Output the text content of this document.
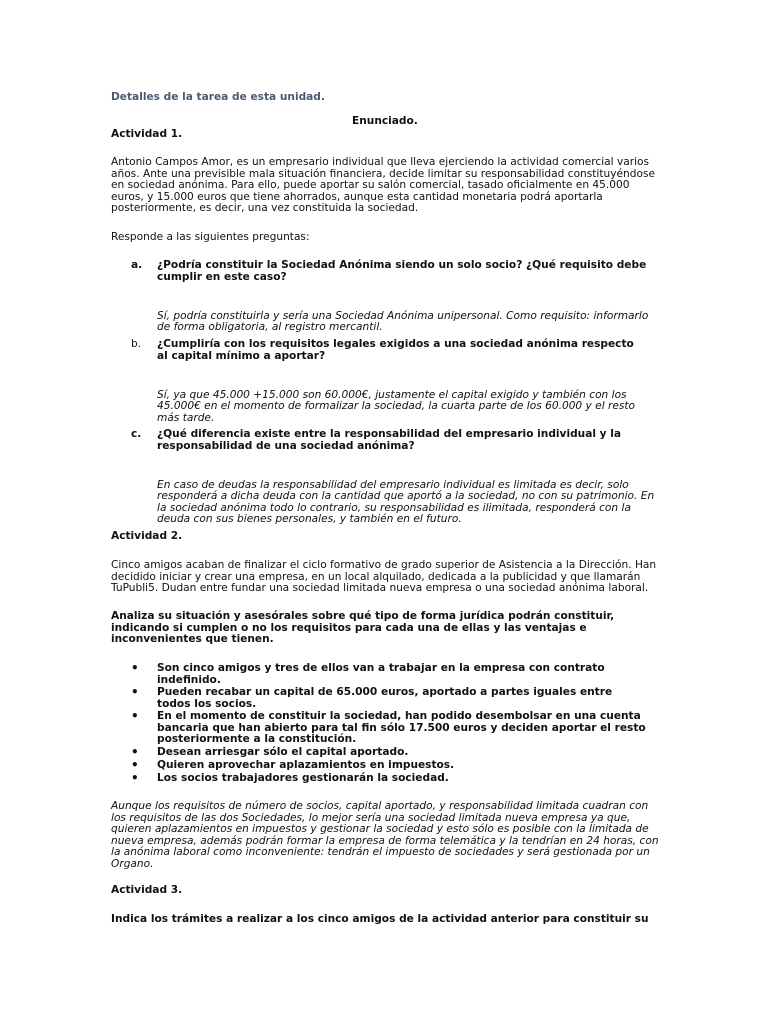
Detalles de la tarea de esta unidad.

Enunciado.

Actividad 1.

Antonio Campos Amor, es un empresario individual que lleva ejerciendo la actividad comercial varios años. Ante una previsible mala situación financiera, decide limitar su responsabilidad constituyéndose en sociedad anónima. Para ello, puede aportar su salón comercial, tasado oficialmente en 45.000 euros, y 15.000 euros que tiene ahorrados, aunque esta cantidad monetaria podrá aportarla posteriormente, es decir, una vez constituida la sociedad.

Responde a las siguientes preguntas:

a.	¿Podría constituir la Sociedad Anónima siendo un solo socio? ¿Qué requisito debe cumplir en este caso?

Sí, podría constituirla y sería una Sociedad Anónima unipersonal. Como requisito: informarlo de forma obligatoria, al registro mercantil.

b.	¿Cumpliría con los requisitos legales exigidos a una sociedad anónima respecto al capital mínimo a aportar?

Sí, ya que 45.000 +15.000 son 60.000€, justamente el capital exigido y también con los 45.000€ en el momento de formalizar la sociedad, la cuarta parte de los 60.000 y el resto más tarde.

c.	¿Qué diferencia existe entre la responsabilidad del empresario individual y la responsabilidad de una sociedad anónima?

En caso de deudas la responsabilidad del empresario individual es limitada es decir, solo responderá a dicha deuda con la cantidad que aportó a la sociedad, no con su patrimonio. En la sociedad anónima todo lo contrario, su responsabilidad es ilimitada, responderá con la deuda con sus bienes personales, y también en el futuro.

Actividad 2.

Cinco amigos acaban de finalizar el ciclo formativo de grado superior de Asistencia a la Dirección. Han decidido iniciar y crear una empresa, en un local alquilado, dedicada a la publicidad y que llamarán TuPubli5. Dudan entre fundar una sociedad limitada nueva empresa o una sociedad anónima laboral.

Analiza su situación y asesórales sobre qué tipo de forma jurídica podrán constituir, indicando si cumplen o no los requisitos para cada una de ellas y las ventajas e inconvenientes que tienen.

• Son cinco amigos y tres de ellos van a trabajar en la empresa con contrato indefinido.
• Pueden recabar un capital de 65.000 euros, aportado a partes iguales entre todos los socios.
• En el momento de constituir la sociedad, han podido desembolsar en una cuenta bancaria que han abierto para tal fin sólo 17.500 euros y deciden aportar el resto posteriormente a la constitución.
• Desean arriesgar sólo el capital aportado.
• Quieren aprovechar aplazamientos en impuestos.
• Los socios trabajadores gestionarán la sociedad.

Aunque los requisitos de número de socios, capital aportado, y responsabilidad limitada cuadran con los requisitos de las dos Sociedades, lo mejor sería una sociedad limitada nueva empresa ya que, quieren aplazamientos en impuestos y gestionar la sociedad y esto sólo es posible con la limitada de nueva empresa, además podrán formar la empresa de forma telemática y la tendrían en 24 horas, con la anónima laboral como inconveniente: tendrán el impuesto de sociedades y será gestionada por un Organo.

Actividad 3.

Indica los trámites a realizar a los cinco amigos de la actividad anterior para constituir su
